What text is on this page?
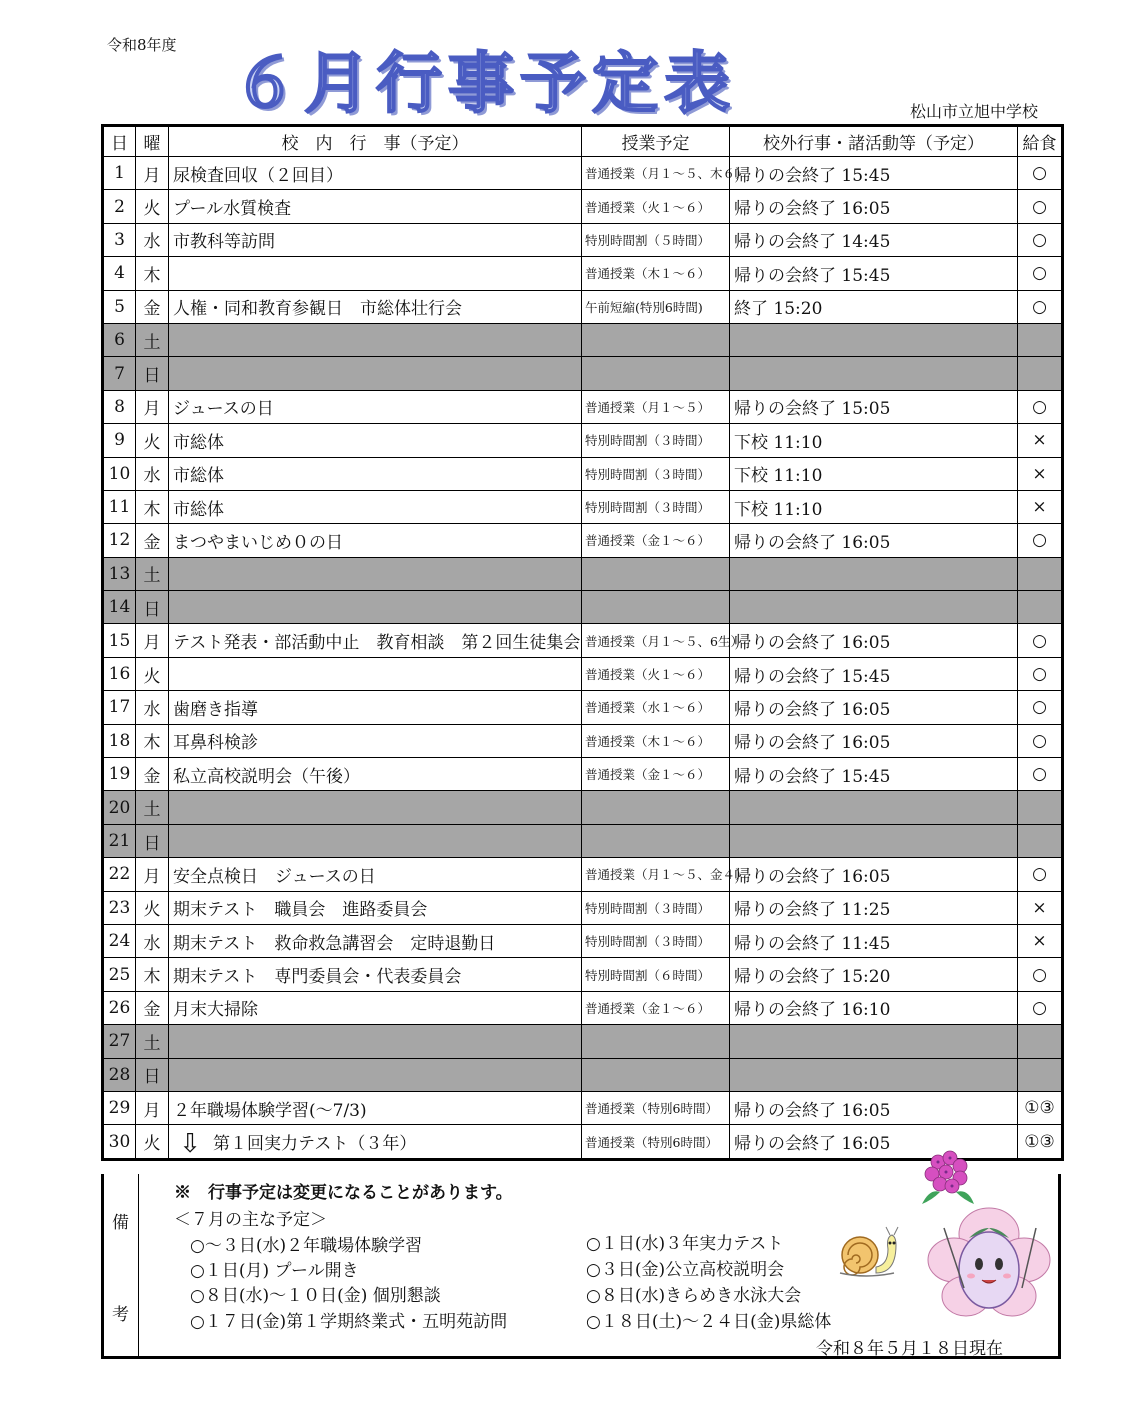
令和8年度 ６月行事予定表	松山市立旭中学校
日	曜	校　内　行　事（予定）	授業予定	校外行事・諸活動等（予定）	給食
1	月	尿検査回収（２回目）	普通授業（月１～５、木６）	帰りの会終了 15:45	○
2	火	プール水質検査	普通授業（火１～６）	帰りの会終了 16:05	○
3	水	市教科等訪問	特別時間割（５時間）	帰りの会終了 14:45	○
4	木		普通授業（木１～６）	帰りの会終了 15:45	○
5	金	人権・同和教育参観日　市総体壮行会	午前短縮(特別6時間)	終了 15:20	○
6	土				
7	日				
8	月	ジュースの日	普通授業（月１～５）	帰りの会終了 15:05	○
9	火	市総体	特別時間割（３時間）	下校 11:10	×
10	水	市総体	特別時間割（３時間）	下校 11:10	×
11	木	市総体	特別時間割（３時間）	下校 11:10	×
12	金	まつやまいじめ０の日	普通授業（金１～６）	帰りの会終了 16:05	○
13	土				
14	日				
15	月	テスト発表・部活動中止　教育相談　第２回生徒集会	普通授業（月１～５、6生）	帰りの会終了 16:05	○
16	火		普通授業（火１～６）	帰りの会終了 15:45	○
17	水	歯磨き指導	普通授業（水１～６）	帰りの会終了 16:05	○
18	木	耳鼻科検診	普通授業（木１～６）	帰りの会終了 16:05	○
19	金	私立高校説明会（午後）	普通授業（金１～６）	帰りの会終了 15:45	○
20	土				
21	日				
22	月	安全点検日　ジュースの日	普通授業（月１～５、金４）	帰りの会終了 16:05	○
23	火	期末テスト　職員会　進路委員会	特別時間割（３時間）	帰りの会終了 11:25	×
24	水	期末テスト　救命救急講習会　定時退勤日	特別時間割（３時間）	帰りの会終了 11:45	×
25	木	期末テスト　専門委員会・代表委員会	特別時間割（６時間）	帰りの会終了 15:20	○
26	金	月末大掃除	普通授業（金１～６）	帰りの会終了 16:10	○
27	土				
28	日				
29	月	２年職場体験学習(～7/3)	普通授業（特別6時間）	帰りの会終了 16:05	①③
30	火	⇩ 第１回実力テスト（３年）	普通授業（特別6時間）	帰りの会終了 16:05	①③
備
考
※　行事予定は変更になることがあります。
＜７月の主な予定＞
○～３日(水)２年職場体験学習
○１日(月) プール開き
○８日(水)～１０日(金) 個別懇談
○１７日(金)第１学期終業式・五明苑訪問
○１日(水)３年実力テスト
○３日(金)公立高校説明会
○８日(水)きらめき水泳大会
○１８日(土)～２４日(金)県総体
令和８年５月１８日現在
